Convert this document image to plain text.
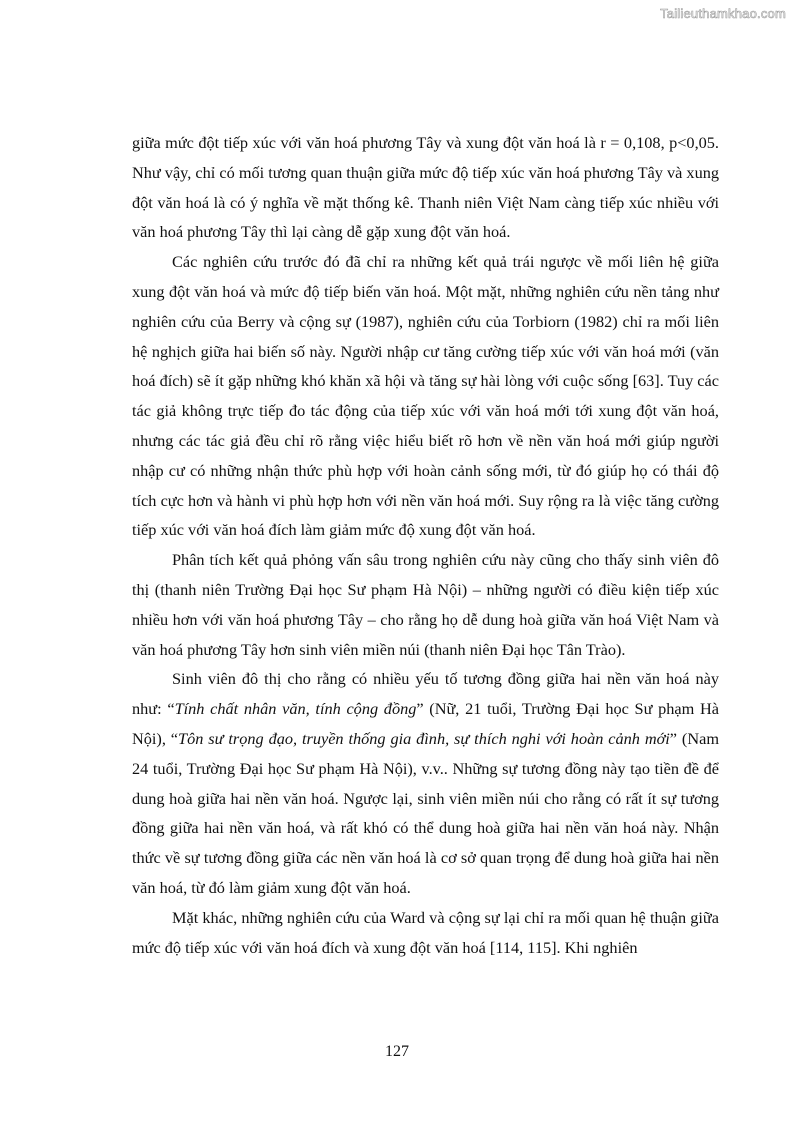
Tailieuthamkhao.com

giữa mức đột tiếp xúc với văn hoá phương Tây và xung đột văn hoá là r = 0,108, p<0,05. Như vậy, chỉ có mối tương quan thuận giữa mức độ tiếp xúc văn hoá phương Tây và xung đột văn hoá là có ý nghĩa về mặt thống kê. Thanh niên Việt Nam càng tiếp xúc nhiều với văn hoá phương Tây thì lại càng dễ gặp xung đột văn hoá.

Các nghiên cứu trước đó đã chỉ ra những kết quả trái ngược về mối liên hệ giữa xung đột văn hoá và mức độ tiếp biến văn hoá. Một mặt, những nghiên cứu nền tảng như nghiên cứu của Berry và cộng sự (1987), nghiên cứu của Torbiorn (1982) chỉ ra mối liên hệ nghịch giữa hai biến số này. Người nhập cư tăng cường tiếp xúc với văn hoá mới (văn hoá đích) sẽ ít gặp những khó khăn xã hội và tăng sự hài lòng với cuộc sống [63]. Tuy các tác giả không trực tiếp đo tác động của tiếp xúc với văn hoá mới tới xung đột văn hoá, nhưng các tác giả đều chỉ rõ rằng việc hiểu biết rõ hơn về nền văn hoá mới giúp người nhập cư có những nhận thức phù hợp với hoàn cảnh sống mới, từ đó giúp họ có thái độ tích cực hơn và hành vi phù hợp hơn với nền văn hoá mới. Suy rộng ra là việc tăng cường tiếp xúc với văn hoá đích làm giảm mức độ xung đột văn hoá.

Phân tích kết quả phỏng vấn sâu trong nghiên cứu này cũng cho thấy sinh viên đô thị (thanh niên Trường Đại học Sư phạm Hà Nội) – những người có điều kiện tiếp xúc nhiều hơn với văn hoá phương Tây – cho rằng họ dễ dung hoà giữa văn hoá Việt Nam và văn hoá phương Tây hơn sinh viên miền núi (thanh niên Đại học Tân Trào).

Sinh viên đô thị cho rằng có nhiều yếu tố tương đồng giữa hai nền văn hoá này như: “Tính chất nhân văn, tính cộng đồng” (Nữ, 21 tuổi, Trường Đại học Sư phạm Hà Nội), “Tôn sư trọng đạo, truyền thống gia đình, sự thích nghi với hoàn cảnh mới” (Nam 24 tuổi, Trường Đại học Sư phạm Hà Nội), v.v.. Những sự tương đồng này tạo tiền đề để dung hoà giữa hai nền văn hoá. Ngược lại, sinh viên miền núi cho rằng có rất ít sự tương đồng giữa hai nền văn hoá, và rất khó có thể dung hoà giữa hai nền văn hoá này. Nhận thức về sự tương đồng giữa các nền văn hoá là cơ sở quan trọng để dung hoà giữa hai nền văn hoá, từ đó làm giảm xung đột văn hoá.

Mặt khác, những nghiên cứu của Ward và cộng sự lại chỉ ra mối quan hệ thuận giữa mức độ tiếp xúc với văn hoá đích và xung đột văn hoá [114, 115]. Khi nghiên

127
